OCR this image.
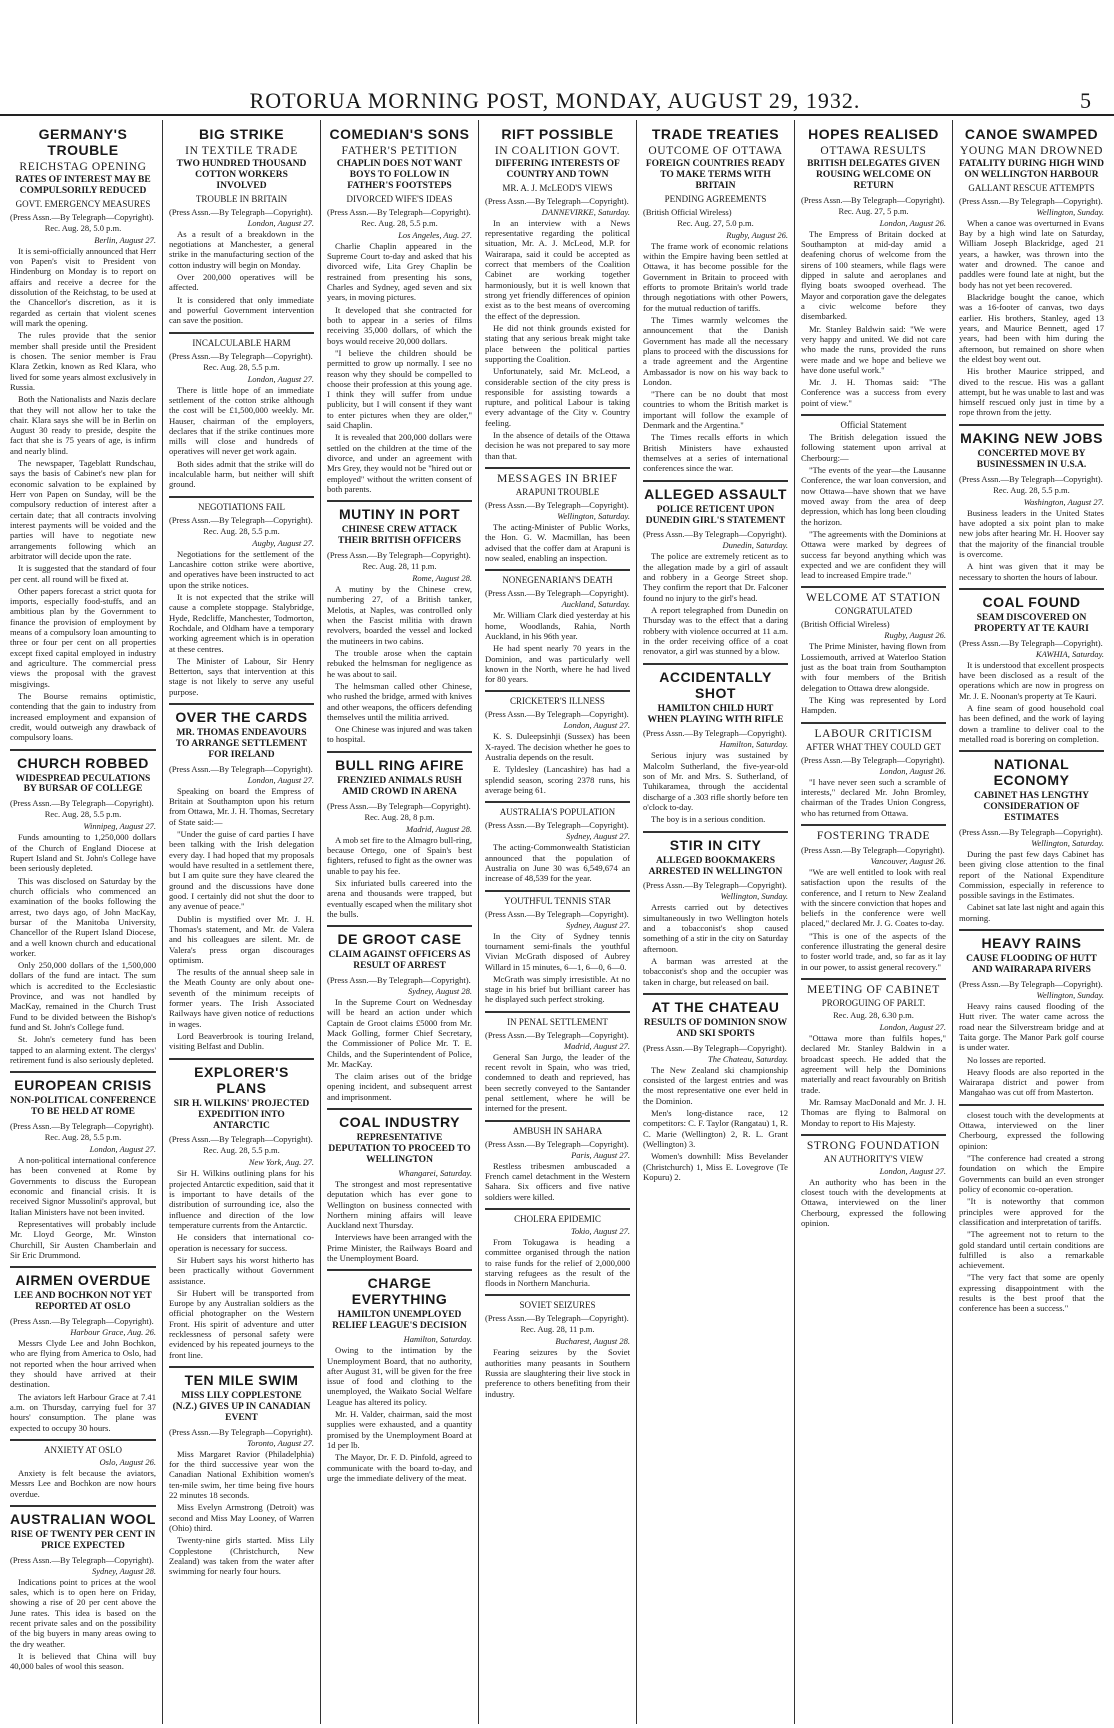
ROTORUA MORNING POST, MONDAY, AUGUST 29, 1932.	5
GERMANY'S TROUBLE
REICHSTAG OPENING
RATES OF INTEREST MAY BE COMPULSORILY REDUCED
GOVT. EMERGENCY MEASURES
(Press Assn.—By Telegraph—Copyright).
Rec. Aug. 28, 5.0 p.m.
Berlin, August 27.

It is semi-officially announced that Herr von Papen's visit to President von Hindenburg on Monday is to report on affairs and receive a decree for the dissolution of the Reichstag, to be used at the Chancellor's discretion, as it is regarded as certain that violent scenes will mark the opening.

The rules provide that the senior member shall preside until the President is chosen. The senior member is Frau Klara Zetkin, known as Red Klara, who lived for some years almost exclusively in Russia.

Both the Nationalists and Nazis declare that they will not allow her to take the chair. Klara says she will be in Berlin on August 30 ready to preside, despite the fact that she is 75 years of age, is infirm and nearly blind.

The newspaper, Tageblatt Rundschau, says the basis of Cabinet's new plan for economic salvation to be explained by Herr von Papen on Sunday, will be the compulsory reduction of interest after a certain date; that all contracts involving interest payments will be voided and the parties will have to negotiate new arrangements following which an arbitrator will decide upon the rate.

It is suggested that the standard of four per cent. all round will be fixed at.

Other papers forecast a strict quota for imports, especially food-stuffs, and an ambitious plan by the Government to finance the provision of employment by means of a compulsory loan amounting to three or four per cent on all properties except fixed capital employed in industry and agriculture. The commercial press views the proposal with the gravest misgivings.

The Bourse remains optimistic, contending that the gain to industry from increased employment and expansion of credit, would outweigh any drawback of compulsory loans.

CHURCH ROBBED
WIDESPREAD PECULATIONS BY BURSAR OF COLLEGE
(Press Assn.—By Telegraph—Copyright).
Rec. Aug. 28, 5.5 p.m.
Winnipeg, August 27.

Funds amounting to 1,250,000 dollars of the Church of England Diocese at Rupert Island and St. John's College have been seriously depleted.

This was disclosed on Saturday by the church officials who commenced an examination of the books following the arrest, two days ago, of John MacKay, bursar of the Manitoba University, Chancellor of the Rupert Island Diocese, and a well known church and educational worker.

Only 250,000 dollars of the 1,500,000 dollars of the fund are intact. The sum which is accredited to the Ecclesiastic Province, and was not handled by MacKay, remained in the Church Trust Fund to be divided between the Bishop's fund and St. John's College fund.

St. John's cemetery fund has been tapped to an alarming extent. The clergys' retirement fund is also seriously depleted.

EUROPEAN CRISIS
NON-POLITICAL CONFERENCE TO BE HELD AT ROME
(Press Assn.—By Telegraph—Copyright).
Rec. Aug. 28, 5.5 p.m.
London, August 27.

A non-political international conference has been convened at Rome by Governments to discuss the European economic and financial crisis. It is received Signor Mussolini's approval, but Italian Ministers have not been invited.

Representatives will probably include Mr. Lloyd George, Mr. Winston Churchill, Sir Austen Chamberlain and Sir Eric Drummond.

AIRMEN OVERDUE
LEE AND BOCHKON NOT YET REPORTED AT OSLO
(Press Assn.—By Telegraph—Copyright).
Harbour Grace, Aug. 26.

Messrs Clyde Lee and John Bochkon, who are flying from America to Oslo, had not reported when the hour arrived when they should have arrived at their destination.

The aviators left Harbour Grace at 7.41 a.m. on Thursday, carrying fuel for 37 hours' consumption. The plane was expected to occupy 30 hours.

ANXIETY AT OSLO
Oslo, August 26.

Anxiety is felt because the aviators, Messrs Lee and Bochkon are now hours overdue.

AUSTRALIAN WOOL
RISE OF TWENTY PER CENT IN PRICE EXPECTED
(Press Assn.—By Telegraph—Copyright).
Sydney, August 28.

Indications point to prices at the wool sales, which is to open here on Friday, showing a rise of 20 per cent above the June rates. This idea is based on the recent private sales and on the possibility of the big buyers in many areas owing to the dry weather.

It is believed that China will buy 40,000 bales of wool this season.

BIG STRIKE
IN TEXTILE TRADE
TWO HUNDRED THOUSAND COTTON WORKERS INVOLVED
TROUBLE IN BRITAIN
(Press Assn.—By Telegraph—Copyright).
London, August 27.

As a result of a breakdown in the negotiations at Manchester, a general strike in the manufacturing section of the cotton industry will begin on Monday.

Over 200,000 operatives will be affected.

It is considered that only immediate and powerful Government intervention can save the position.

INCALCULABLE HARM
(Press Assn.—By Telegraph—Copyright).
Rec. Aug. 28, 5.5 p.m.
London, August 27.

There is little hope of an immediate settlement of the cotton strike although the cost will be £1,500,000 weekly. Mr. Hauser, chairman of the employers, declares that if the strike continues more mills will close and hundreds of operatives will never get work again.

Both sides admit that the strike will do incalculable harm, but neither will shift ground.

NEGOTIATIONS FAIL
(Press Assn.—By Telegraph—Copyright).
Rec. Aug. 28, 5.5 p.m.
Augby, August 27.

Negotiations for the settlement of the Lancashire cotton strike were abortive, and operatives have been instructed to act upon the strike notices.

It is not expected that the strike will cause a complete stoppage. Stalybridge, Hyde, Redcliffe, Manchester, Todmorton, Rochdale, and Oldham have a temporary working agreement which is in operation at these centres.

The Minister of Labour, Sir Henry Betterton, says that intervention at this stage is not likely to serve any useful purpose.

OVER THE CARDS
MR. THOMAS ENDEAVOURS TO ARRANGE SETTLEMENT FOR IRELAND
(Press Assn.—By Telegraph—Copyright).
London, August 27.

Speaking on board the Empress of Britain at Southampton upon his return from Ottawa, Mr. J. H. Thomas, Secretary of State said:—

"Under the guise of card parties I have been talking with the Irish delegation every day. I had hoped that my proposals would have resulted in a settlement there, but I am quite sure they have cleared the ground and the discussions have done good. I certainly did not shut the door to any avenue of peace."

Dublin is mystified over Mr. J. H. Thomas's statement, and Mr. de Valera and his colleagues are silent. Mr. de Valera's press organ discourages optimism.

The results of the annual sheep sale in the Meath County are only about one-seventh of the minimum receipts of former years. The Irish Associated Railways have given notice of reductions in wages.

Lord Beaverbrook is touring Ireland, visiting Belfast and Dublin.

EXPLORER'S PLANS
SIR H. WILKINS' PROJECTED EXPEDITION INTO ANTARCTIC
(Press Assn.—By Telegraph—Copyright).
Rec. Aug. 28, 5.5 p.m.
New York, Aug. 27.

Sir H. Wilkins outlining plans for his projected Antarctic expedition, said that it is important to have details of the distribution of surrounding ice, also the influence and direction of the low temperature currents from the Antarctic.

He considers that international co-operation is necessary for success.

Sir Hubert says his worst hitherto has been practically without Government assistance.

Sir Hubert will be transported from Europe by any Australian soldiers as the official photographer on the Western Front. His spirit of adventure and utter recklessness of personal safety were evidenced by his repeated journeys to the front line.

TEN MILE SWIM
MISS LILY COPPLESTONE (N.Z.) GIVES UP IN CANADIAN EVENT
(Press Assn.—By Telegraph—Copyright).
Toronto, August 27.

Miss Margaret Ravior (Philadelphia) for the third successive year won the Canadian National Exhibition women's ten-mile swim, her time being five hours 22 minutes 18 seconds.

Miss Evelyn Armstrong (Detroit) was second and Miss May Looney, of Warren (Ohio) third.

Twenty-nine girls started. Miss Lily Copplestone (Christchurch, New Zealand) was taken from the water after swimming for nearly four hours.

COMEDIAN'S SONS
FATHER'S PETITION
CHAPLIN DOES NOT WANT BOYS TO FOLLOW IN FATHER'S FOOTSTEPS
DIVORCED WIFE'S IDEAS
(Press Assn.—By Telegraph—Copyright).
Rec. Aug. 28, 5.5 p.m.
Los Angeles, Aug. 27.

Charlie Chaplin appeared in the Supreme Court to-day and asked that his divorced wife, Lita Grey Chaplin be restrained from presenting his sons, Charles and Sydney, aged seven and six years, in moving pictures.

It developed that she contracted for both to appear in a series of films receiving 35,000 dollars, of which the boys would receive 20,000 dollars.

"I believe the children should be permitted to grow up normally. I see no reason why they should be compelled to choose their profession at this young age. I think they will suffer from undue publicity, but I will consent if they want to enter pictures when they are older," said Chaplin.

It is revealed that 200,000 dollars were settled on the children at the time of the divorce, and under an agreement with Mrs Grey, they would not be "hired out or employed" without the written consent of both parents.

MUTINY IN PORT
CHINESE CREW ATTACK THEIR BRITISH OFFICERS
(Press Assn.—By Telegraph—Copyright).
Rec. Aug. 28, 11 p.m.
Rome, August 28.

A mutiny by the Chinese crew, numbering 27, of a British tanker, Melotis, at Naples, was controlled only when the Fascist militia with drawn revolvers, boarded the vessel and locked the mutineers in two cabins.

The trouble arose when the captain rebuked the helmsman for negligence as he was about to sail.

The helmsman called other Chinese, who rushed the bridge, armed with knives and other weapons, the officers defending themselves until the militia arrived.

One Chinese was injured and was taken to hospital.

BULL RING AFIRE
FRENZIED ANIMALS RUSH AMID CROWD IN ARENA
(Press Assn.—By Telegraph—Copyright).
Rec. Aug. 28, 8 p.m.
Madrid, August 28.

A mob set fire to the Almagro bull-ring, because Ortego, one of Spain's best fighters, refused to fight as the owner was unable to pay his fee.

Six infuriated bulls careered into the arena and thousands were trapped, but eventually escaped when the military shot the bulls.

DE GROOT CASE
CLAIM AGAINST OFFICERS AS RESULT OF ARREST
(Press Assn.—By Telegraph—Copyright).
Sydney, August 28.

In the Supreme Court on Wednesday will be heard an action under which Captain de Groot claims £5000 from Mr. Mack Golling, former Chief Secretary, the Commissioner of Police Mr. T. E. Childs, and the Superintendent of Police, Mr. MacKay.

The claim arises out of the bridge opening incident, and subsequent arrest and imprisonment.

COAL INDUSTRY
REPRESENTATIVE DEPUTATION TO PROCEED TO WELLINGTON
Whangarei, Saturday.

The strongest and most representative deputation which has ever gone to Wellington on business connected with Northern mining affairs will leave Auckland next Thursday.

Interviews have been arranged with the Prime Minister, the Railways Board and the Unemployment Board.

CHARGE EVERYTHING
HAMILTON UNEMPLOYED RELIEF LEAGUE'S DECISION
Hamilton, Saturday.

Owing to the intimation by the Unemployment Board, that no authority, after August 31, will be given for the free issue of food and clothing to the unemployed, the Waikato Social Welfare League has altered its policy.

Mr. H. Valder, chairman, said the most supplies were exhausted, and a quantity promised by the Unemployment Board at 1d per lb.

The Mayor, Dr. F. D. Pinfold, agreed to communicate with the board to-day, and urge the immediate delivery of the meat.

RIFT POSSIBLE
IN COALITION GOVT.
DIFFERING INTERESTS OF COUNTRY AND TOWN
MR. A. J. McLEOD'S VIEWS
(Press Assn.—By Telegraph—Copyright).
DANNEVIRKE, Saturday.

In an interview with a News representative regarding the political situation, Mr. A. J. McLeod, M.P. for Wairarapa, said it could be accepted as correct that members of the Coalition Cabinet are working together harmoniously, but it is well known that strong yet friendly differences of opinion exist as to the best means of overcoming the effect of the depression.

He did not think grounds existed for stating that any serious break might take place between the political parties supporting the Coalition.

Unfortunately, said Mr. McLeod, a considerable section of the city press is responsible for assisting towards a rupture, and political Labour is taking every advantage of the City v. Country feeling.

In the absence of details of the Ottawa decision he was not prepared to say more than that.

MESSAGES IN BRIEF
ARAPUNI TROUBLE
(Press Assn.—By Telegraph—Copyright).
Wellington, Saturday.

The acting-Minister of Public Works, the Hon. G. W. Macmillan, has been advised that the coffer dam at Arapuni is now sealed, enabling an inspection.

NONEGENARIAN'S DEATH
(Press Assn.—By Telegraph—Copyright).
Auckland, Saturday.

Mr. William Clark died yesterday at his home, Woodlands, Rahia, North Auckland, in his 96th year.

He had spent nearly 70 years in the Dominion, and was particularly well known in the North, where he had lived for 80 years.

CRICKETER'S ILLNESS
(Press Assn.—By Telegraph—Copyright).
London, August 27.

K. S. Duleepsinhji (Sussex) has been X-rayed. The decision whether he goes to Australia depends on the result.

E. Tyldesley (Lancashire) has had a splendid season, scoring 2378 runs, his average being 61.

AUSTRALIA'S POPULATION
(Press Assn.—By Telegraph—Copyright).
Sydney, August 27.

The acting-Commonwealth Statistician announced that the population of Australia on June 30 was 6,549,674 an increase of 48,539 for the year.

YOUTHFUL TENNIS STAR
(Press Assn.—By Telegraph—Copyright).
Sydney, August 27.

In the City of Sydney tennis tournament semi-finals the youthful Vivian McGrath disposed of Aubrey Willard in 15 minutes, 6—1, 6—0, 6—0.

McGrath was simply irresistible. At no stage in his brief but brilliant career has he displayed such perfect stroking.

IN PENAL SETTLEMENT
(Press Assn.—By Telegraph—Copyright).
Madrid, August 27.

General San Jurgo, the leader of the recent revolt in Spain, who was tried, condemned to death and reprieved, has been secretly conveyed to the Santander penal settlement, where he will be interned for the present.

AMBUSH IN SAHARA
(Press Assn.—By Telegraph—Copyright).
Paris, August 27.

Restless tribesmen ambuscaded a French camel detachment in the Western Sahara. Six officers and five native soldiers were killed.

CHOLERA EPIDEMIC
Tokio, August 27.

From Tokugawa is heading a committee organised through the nation to raise funds for the relief of 2,000,000 starving refugees as the result of the floods in Northern Manchuria.

SOVIET SEIZURES
(Press Assn.—By Telegraph—Copyright).
Rec. Aug. 28, 11 p.m.
Bucharest, August 28.

Fearing seizures by the Soviet authorities many peasants in Southern Russia are slaughtering their live stock in preference to others benefiting from their industry.

TRADE TREATIES
OUTCOME OF OTTAWA
FOREIGN COUNTRIES READY TO MAKE TERMS WITH BRITAIN
PENDING AGREEMENTS
(British Official Wireless)
Rec. Aug. 27, 5.0 p.m.
Rugby, August 26.

The frame work of economic relations within the Empire having been settled at Ottawa, it has become possible for the Government in Britain to proceed with efforts to promote Britain's world trade through negotiations with other Powers, for the mutual reduction of tariffs.

The Times warmly welcomes the announcement that the Danish Government has made all the necessary plans to proceed with the discussions for a trade agreement and the Argentine Ambassador is now on his way back to London.

"There can be no doubt that most countries to whom the British market is important will follow the example of Denmark and the Argentina."

The Times recalls efforts in which British Ministers have exhausted themselves at a series of international conferences since the war.

ALLEGED ASSAULT
POLICE RETICENT UPON DUNEDIN GIRL'S STATEMENT
(Press Assn.—By Telegraph—Copyright).
Dunedin, Saturday.

The police are extremely reticent as to the allegation made by a girl of assault and robbery in a George Street shop. They confirm the report that Dr. Falconer found no injury to the girl's head.

A report telegraphed from Dunedin on Thursday was to the effect that a daring robbery with violence occurred at 11 a.m. in the order receiving office of a coat renovator, a girl was stunned by a blow.

ACCIDENTALLY SHOT
HAMILTON CHILD HURT WHEN PLAYING WITH RIFLE
(Press Assn.—By Telegraph—Copyright).
Hamilton, Saturday.

Serious injury was sustained by Malcolm Sutherland, the five-year-old son of Mr. and Mrs. S. Sutherland, of Tuhikaramea, through the accidental discharge of a .303 rifle shortly before ten o'clock to-day.

The boy is in a serious condition.

STIR IN CITY
ALLEGED BOOKMAKERS ARRESTED IN WELLINGTON
(Press Assn.—By Telegraph—Copyright).
Wellington, Sunday.

Arrests carried out by detectives simultaneously in two Wellington hotels and a tobacconist's shop caused something of a stir in the city on Saturday afternoon.

A barman was arrested at the tobacconist's shop and the occupier was taken in charge, but released on bail.

AT THE CHATEAU
RESULTS OF DOMINION SNOW AND SKI SPORTS
(Press Assn.—By Telegraph—Copyright).
The Chateau, Saturday.

The New Zealand ski championship consisted of the largest entries and was the most representative one ever held in the Dominion.

Men's long-distance race, 12 competitors: C. F. Taylor (Rangatau) 1, R. C. Marie (Wellington) 2, R. L. Grant (Wellington) 3.

Women's downhill: Miss Bevelander (Christchurch) 1, Miss E. Lovegrove (Te Kopuru) 2.

HOPES REALISED
OTTAWA RESULTS
BRITISH DELEGATES GIVEN ROUSING WELCOME ON RETURN
(Press Assn.—By Telegraph—Copyright).
Rec. Aug. 27, 5 p.m.
London, August 26.

The Empress of Britain docked at Southampton at mid-day amid a deafening chorus of welcome from the sirens of 100 steamers, while flags were dipped in salute and aeroplanes and flying boats swooped overhead. The Mayor and corporation gave the delegates a civic welcome before they disembarked.

Mr. Stanley Baldwin said: "We were very happy and united. We did not care who made the runs, provided the runs were made and we hope and believe we have done useful work."

Mr. J. H. Thomas said: "The Conference was a success from every point of view."

Official Statement

The British delegation issued the following statement upon arrival at Cherbourg:—

"The events of the year—the Lausanne Conference, the war loan conversion, and now Ottawa—have shown that we have moved away from the area of deep depression, which has long been clouding the horizon.

"The agreements with the Dominions at Ottawa were marked by degrees of success far beyond anything which was expected and we are confident they will lead to increased Empire trade."

WELCOME AT STATION
CONGRATULATED
(British Official Wireless)
Rugby, August 26.

The Prime Minister, having flown from Lossiemouth, arrived at Waterloo Station just as the boat train from Southampton with four members of the British delegation to Ottawa drew alongside.

The King was represented by Lord Hampden.

LABOUR CRITICISM
AFTER WHAT THEY COULD GET
(Press Assn.—By Telegraph—Copyright).
London, August 26.

"I have never seen such a scramble of interests," declared Mr. John Bromley, chairman of the Trades Union Congress, who has returned from Ottawa.

FOSTERING TRADE
(Press Assn.—By Telegraph—Copyright).
Vancouver, August 26.

"We are well entitled to look with real satisfaction upon the results of the conference, and I return to New Zealand with the sincere conviction that hopes and beliefs in the conference were well placed," declared Mr. J. G. Coates to-day.

"This is one of the aspects of the conference illustrating the general desire to foster world trade, and, so far as it lay in our power, to assist general recovery."

MEETING OF CABINET
PROROGUING OF PARLT.
Rec. Aug. 28, 6.30 p.m.
London, August 27.

"Ottawa more than fulfils hopes," declared Mr. Stanley Baldwin in a broadcast speech. He added that the agreement will help the Dominions materially and react favourably on British trade.

Mr. Ramsay MacDonald and Mr. J. H. Thomas are flying to Balmoral on Monday to report to His Majesty.

STRONG FOUNDATION
AN AUTHORITY'S VIEW
London, August 27.

An authority who has been in the closest touch with the developments at Ottawa, interviewed on the liner Cherbourg, expressed the following opinion.

CANOE SWAMPED
YOUNG MAN DROWNED
FATALITY DURING HIGH WIND ON WELLINGTON HARBOUR
GALLANT RESCUE ATTEMPTS
(Press Assn.—By Telegraph—Copyright).
Wellington, Sunday.

When a canoe was overturned in Evans Bay by a high wind late on Saturday, William Joseph Blackridge, aged 21 years, a hawker, was thrown into the water and drowned. The canoe and paddles were found late at night, but the body has not yet been recovered.

Blackridge bought the canoe, which was a 16-footer of canvas, two days earlier. His brothers, Stanley, aged 13 years, and Maurice Bennett, aged 17 years, had been with him during the afternoon, but remained on shore when the eldest boy went out.

His brother Maurice stripped, and dived to the rescue. His was a gallant attempt, but he was unable to last and was himself rescued only just in time by a rope thrown from the jetty.

MAKING NEW JOBS
CONCERTED MOVE BY BUSINESSMEN IN U.S.A.
(Press Assn.—By Telegraph—Copyright).
Rec. Aug. 28, 5.5 p.m.
Washington, August 27.

Business leaders in the United States have adopted a six point plan to make new jobs after hearing Mr. H. Hoover say that the majority of the financial trouble is overcome.

A hint was given that it may be necessary to shorten the hours of labour.

COAL FOUND
SEAM DISCOVERED ON PROPERTY AT TE KAURI
(Press Assn.—By Telegraph—Copyright).
KAWHIA, Saturday.

It is understood that excellent prospects have been disclosed as a result of the operations which are now in progress on Mr. J. E. Noonan's property at Te Kauri.

A fine seam of good household coal has been defined, and the work of laying down a tramline to deliver coal to the metalled road is borering on completion.

NATIONAL ECONOMY
CABINET HAS LENGTHY CONSIDERATION OF ESTIMATES
(Press Assn.—By Telegraph—Copyright).
Wellington, Saturday.

During the past few days Cabinet has been giving close attention to the final report of the National Expenditure Commission, especially in reference to possible savings in the Estimates.

Cabinet sat late last night and again this morning.

HEAVY RAINS
CAUSE FLOODING OF HUTT AND WAIRARAPA RIVERS
(Press Assn.—By Telegraph—Copyright).
Wellington, Sunday.

Heavy rains caused flooding of the Hutt river. The water came across the road near the Silverstream bridge and at Taita gorge. The Manor Park golf course is under water.

No losses are reported.

Heavy floods are also reported in the Wairarapa district and power from Mangahao was cut off from Masterton.

closest touch with the developments at Ottawa, interviewed on the liner Cherbourg, expressed the following opinion:

"The conference had created a strong foundation on which the Empire Governments can build an even stronger policy of economic co-operation.

"It is noteworthy that common principles were approved for the classification and interpretation of tariffs.

"The agreement not to return to the gold standard until certain conditions are fulfilled is also a remarkable achievement.

"The very fact that some are openly expressing disappointment with the results is the best proof that the conference has been a success."
